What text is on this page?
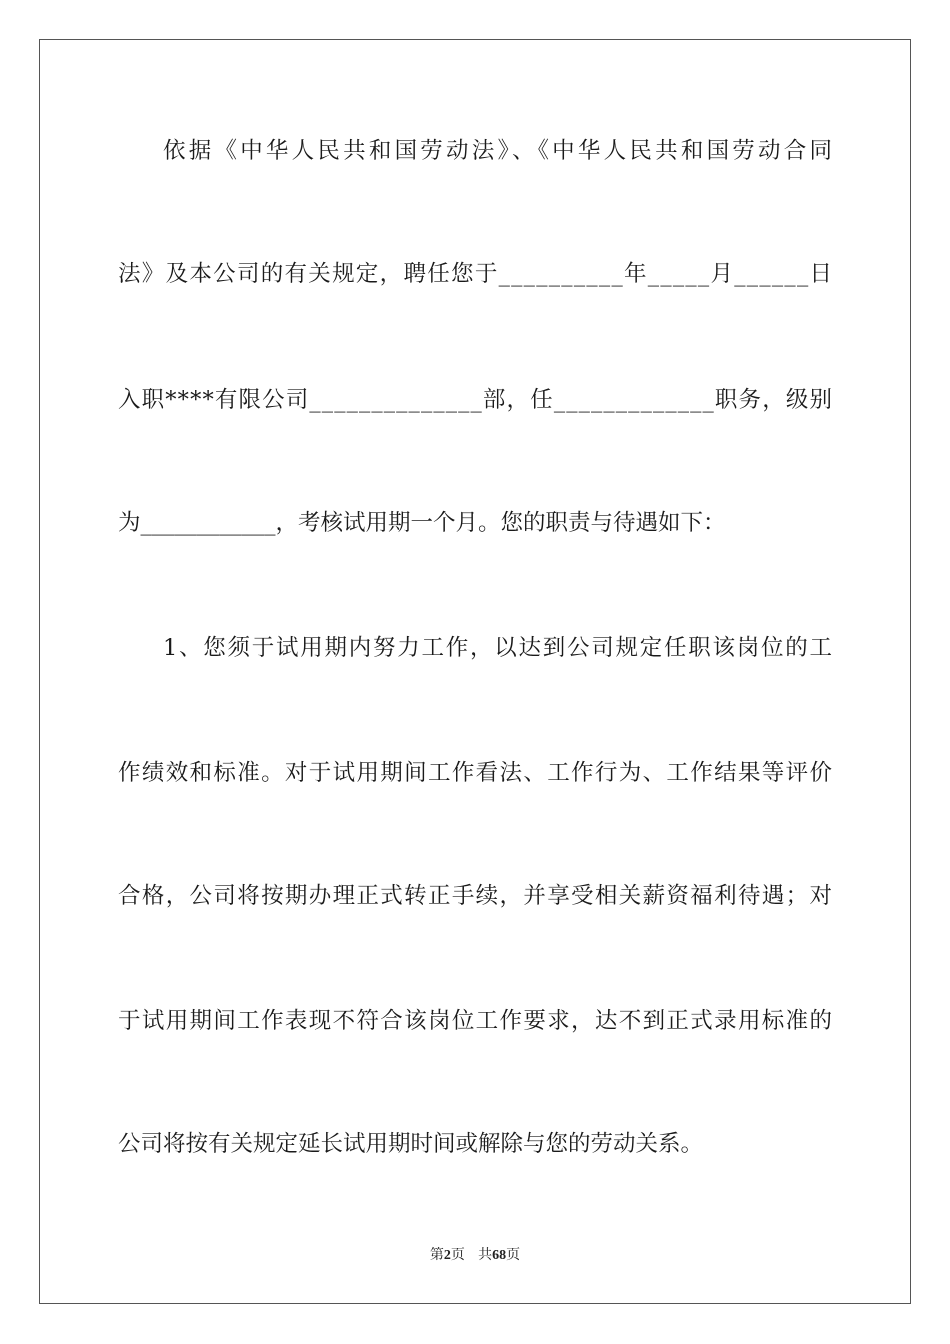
依据《中华人民共和国劳动法》、《中华人民共和国劳动合同
法》及本公司的有关规定，聘任您于__________年_____月______日
入职****有限公司______________部，任_____________职务，级别
为____________，考核试用期一个月。您的职责与待遇如下：
1、您须于试用期内努力工作，以达到公司规定任职该岗位的工
作绩效和标准。对于试用期间工作看法、工作行为、工作结果等评价
合格，公司将按期办理正式转正手续，并享受相关薪资福利待遇；对
于试用期间工作表现不符合该岗位工作要求，达不到正式录用标准的
公司将按有关规定延长试用期时间或解除与您的劳动关系。
第2页 共68页
